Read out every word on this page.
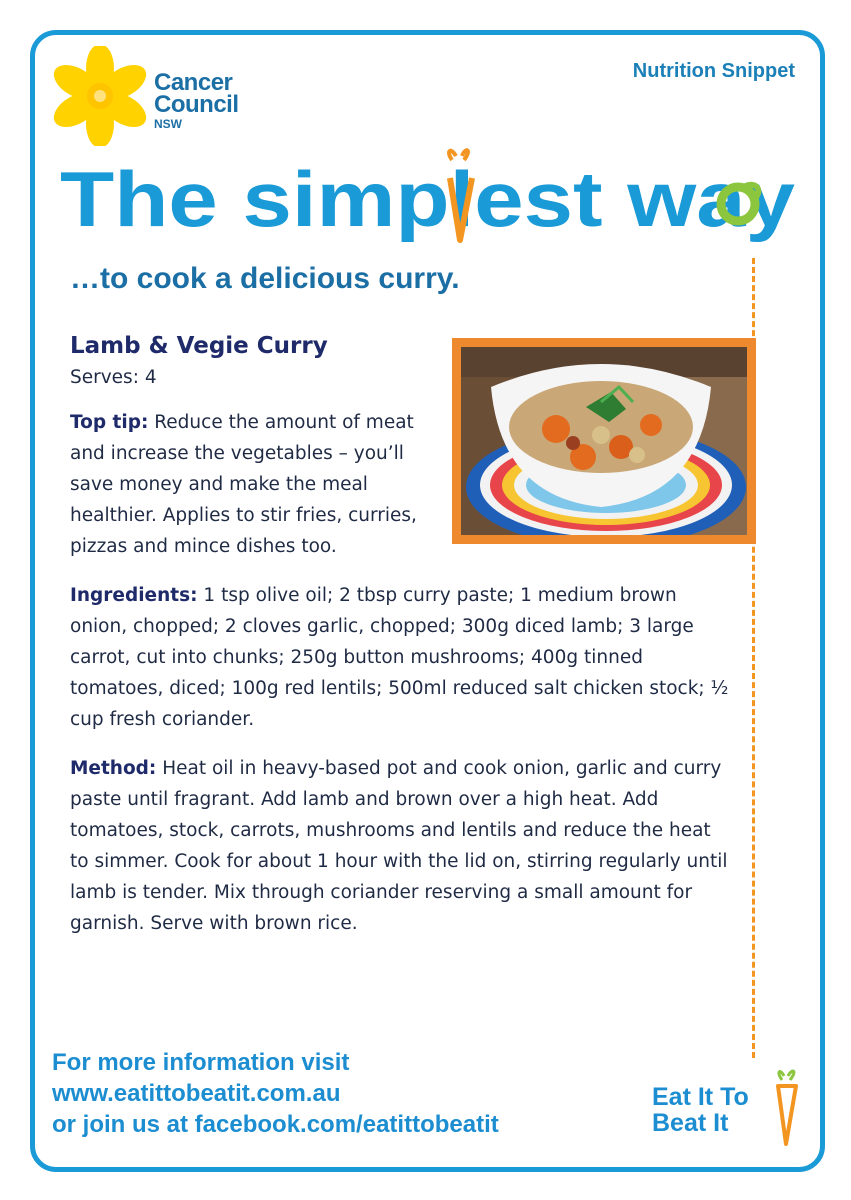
Cancer
Council
NSW
Nutrition Snippet
The simplest way
…to cook a delicious curry.
Lamb & Vegie Curry
Serves: 4
Top tip: Reduce the amount of meat and increase the vegetables – you’ll save money and make the meal healthier. Applies to stir fries, curries, pizzas and mince dishes too.
Ingredients: 1 tsp olive oil; 2 tbsp curry paste; 1 medium brown onion, chopped; 2 cloves garlic, chopped; 300g diced lamb; 3 large carrot, cut into chunks; 250g button mushrooms; 400g tinned tomatoes, diced; 100g red lentils; 500ml reduced salt chicken stock; ½ cup fresh coriander.
Method: Heat oil in heavy-based pot and cook onion, garlic and curry paste until fragrant. Add lamb and brown over a high heat. Add tomatoes, stock, carrots, mushrooms and lentils and reduce the heat to simmer. Cook for about 1 hour with the lid on, stirring regularly until lamb is tender. Mix through coriander reserving a small amount for garnish. Serve with brown rice.
For more information visit
www.eatittobeatit.com.au
or join us at facebook.com/eatittobeatit
Eat It To
Beat It
